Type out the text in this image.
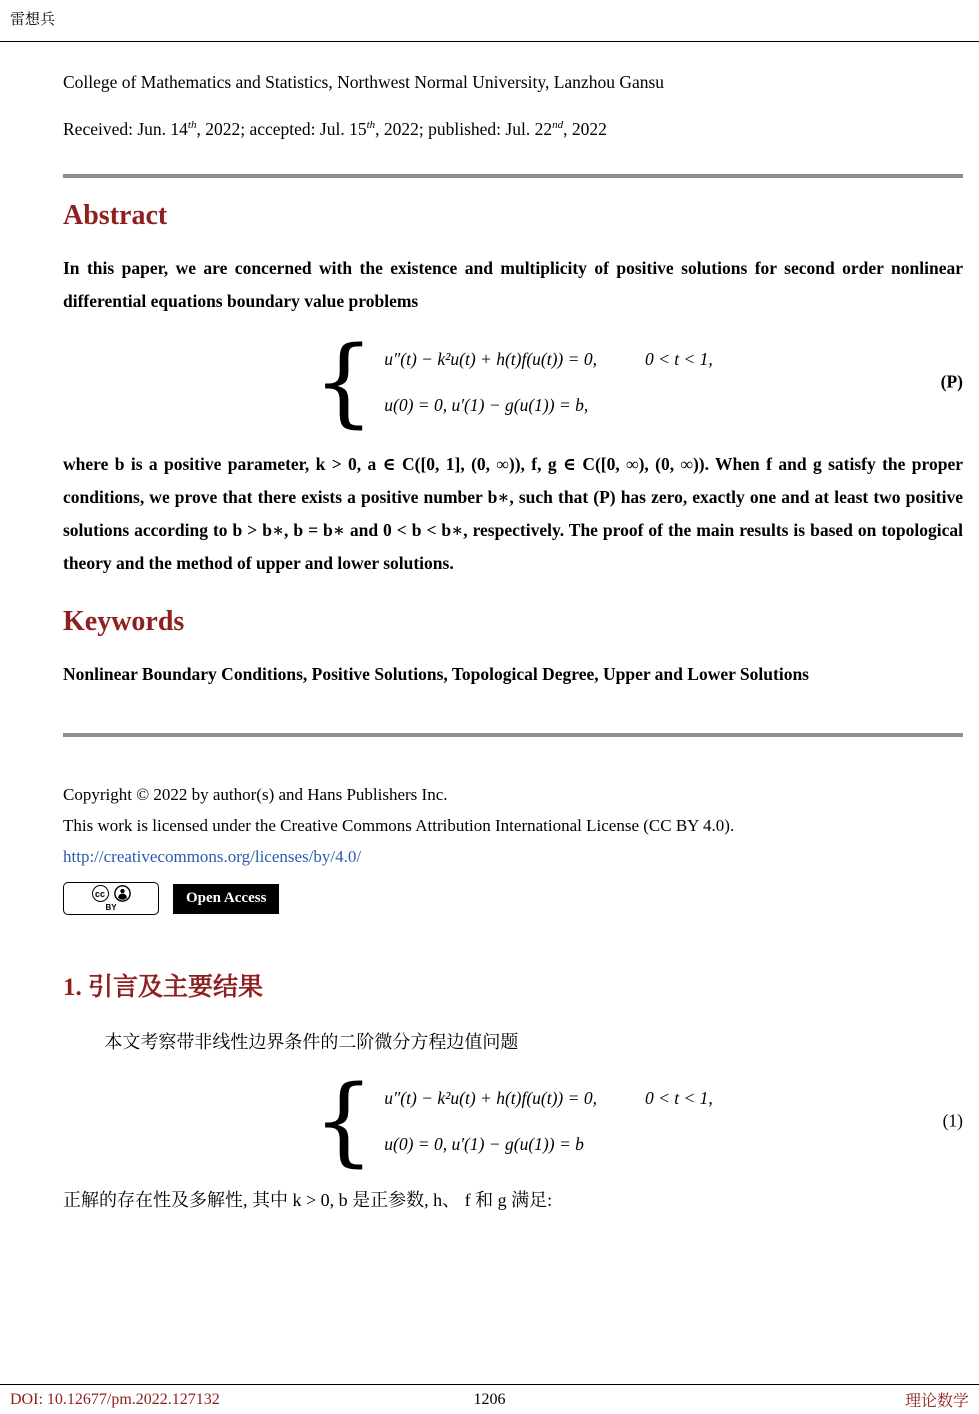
雷想兵

College of Mathematics and Statistics, Northwest Normal University, Lanzhou Gansu

Received: Jun. 14th, 2022; accepted: Jul. 15th, 2022; published: Jul. 22nd, 2022

Abstract

In this paper, we are concerned with the existence and multiplicity of positive solutions for second order nonlinear differential equations boundary value problems

{ u″(t) − k²u(t) + h(t)f(u(t)) = 0,	0 < t < 1,
u(0) = 0, u′(1) − g(u(1)) = b,
(P)

where b is a positive parameter, k > 0, a ∈ C([0, 1], (0, ∞)), f, g ∈ C([0, ∞), (0, ∞)). When f and g satisfy the proper conditions, we prove that there exists a positive number b∗, such that (P) has zero, exactly one and at least two positive solutions according to b > b∗, b = b∗ and 0 < b < b∗, respectively. The proof of the main results is based on topological theory and the method of upper and lower solutions.

Keywords

Nonlinear Boundary Conditions, Positive Solutions, Topological Degree, Upper and Lower Solutions

Copyright © 2022 by author(s) and Hans Publishers Inc.

This work is licensed under the Creative Commons Attribution International License (CC BY 4.0).

http://creativecommons.org/licenses/by/4.0/

cc
BY
Open Access
1. 引言及主要结果

本文考察带非线性边界条件的二阶微分方程边值问题

{ u″(t) − k²u(t) + h(t)f(u(t)) = 0,	0 < t < 1,
u(0) = 0, u′(1) − g(u(1)) = b
(1)

正解的存在性及多解性, 其中 k > 0, b 是正参数, h、 f 和 g 满足:

DOI: 10.12677/pm.2022.127132	1206	理论数学
